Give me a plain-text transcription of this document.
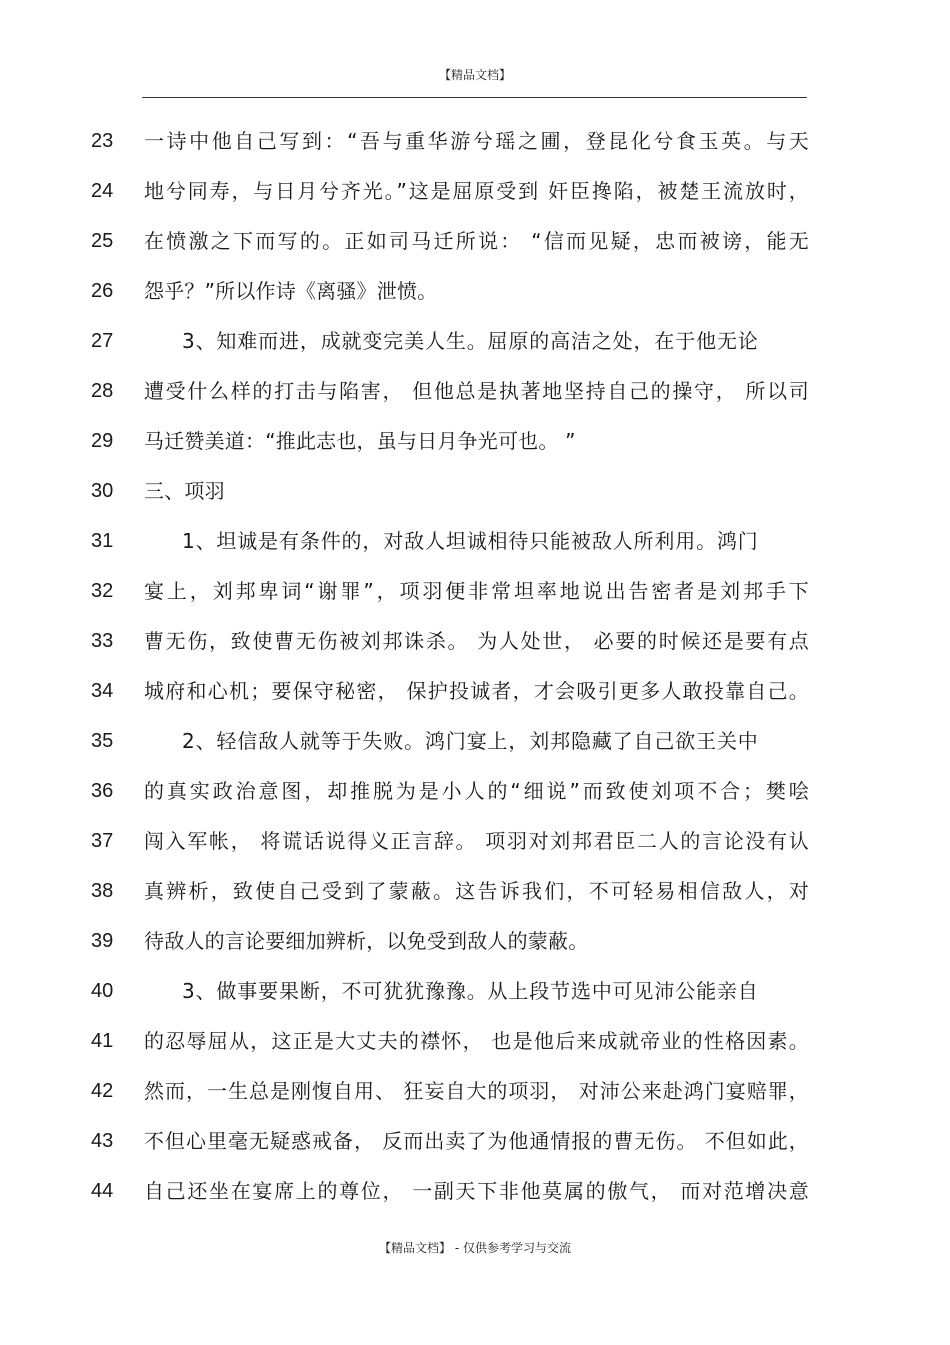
【精品文档】
23 一诗中他自己写到：“吾与重华游兮瑶之圃，登昆化兮食玉英。与天
24 地兮同寿，与日月兮齐光。”这是屈原受到 奸臣搀陷，被楚王流放时，
25 在愤激之下而写的。正如司马迁所说： “信而见疑，忠而被谤，能无
26 怨乎？”所以作诗《离骚》泄愤。
27	3、知难而进，成就变完美人生。屈原的高洁之处，在于他无论
28 遭受什么样的打击与陷害， 但他总是执著地坚持自己的操守， 所以司
29 马迁赞美道：“推此志也，虽与日月争光可也。 ”
30 三、项羽
31	1、坦诚是有条件的，对敌人坦诚相待只能被敌人所利用。鸿门
32 宴上，刘邦卑词“谢罪”，项羽便非常坦率地说出告密者是刘邦手下
33 曹无伤，致使曹无伤被刘邦诛杀。 为人处世， 必要的时候还是要有点
34 城府和心机；要保守秘密， 保护投诚者，才会吸引更多人敢投靠自己。
35	2、轻信敌人就等于失败。鸿门宴上，刘邦隐藏了自己欲王关中
36 的真实政治意图，却推脱为是小人的“细说”而致使刘项不合；樊哙
37 闯入军帐， 将谎话说得义正言辞。 项羽对刘邦君臣二人的言论没有认
38 真辨析，致使自己受到了蒙蔽。这告诉我们，不可轻易相信敌人，对
39 待敌人的言论要细加辨析，以免受到敌人的蒙蔽。
40	3、做事要果断，不可犹犹豫豫。从上段节选中可见沛公能亲自
41 的忍辱屈从，这正是大丈夫的襟怀， 也是他后来成就帝业的性格因素。
42 然而，一生总是刚愎自用、 狂妄自大的项羽， 对沛公来赴鸿门宴赔罪，
43 不但心里毫无疑惑戒备， 反而出卖了为他通情报的曹无伤。 不但如此，
44 自己还坐在宴席上的尊位， 一副天下非他莫属的傲气， 而对范增决意
【精品文档】 - 仅供参考学习与交流
